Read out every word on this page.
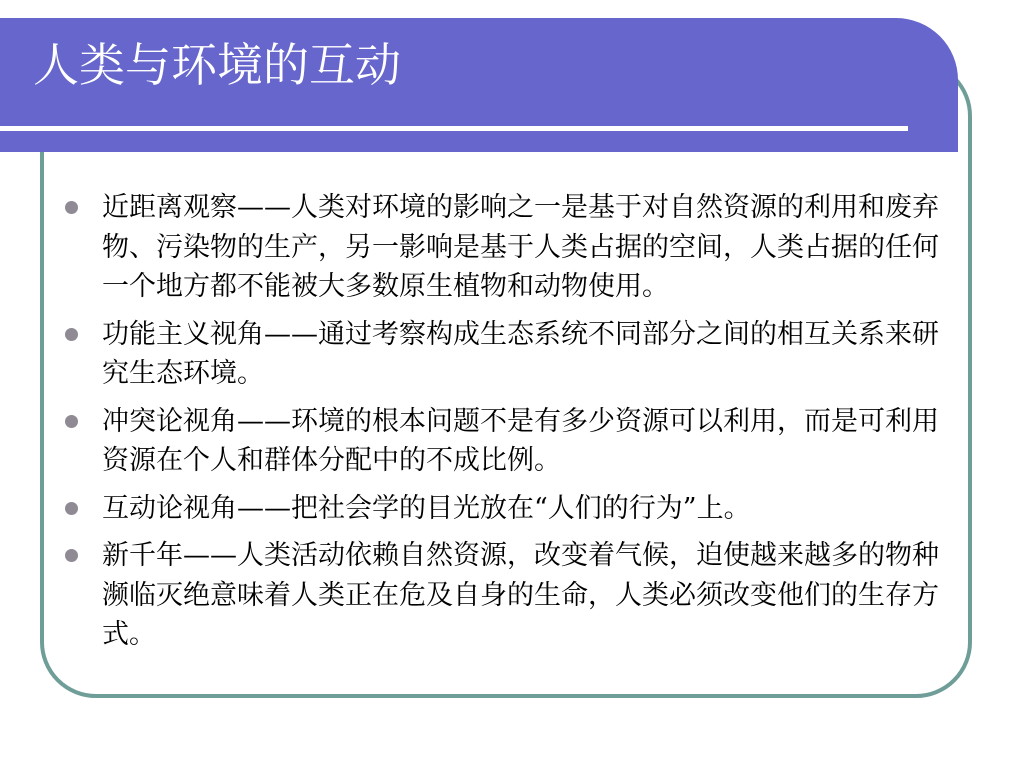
人类与环境的互动
近距离观察——人类对环境的影响之一是基于对自然资源的利用和废弃物、污染物的生产，另一影响是基于人类占据的空间，人类占据的任何一个地方都不能被大多数原生植物和动物使用。
功能主义视角——通过考察构成生态系统不同部分之间的相互关系来研究生态环境。
冲突论视角——环境的根本问题不是有多少资源可以利用，而是可利用资源在个人和群体分配中的不成比例。
互动论视角——把社会学的目光放在“人们的行为”上。
新千年——人类活动依赖自然资源，改变着气候，迫使越来越多的物种濒临灭绝意味着人类正在危及自身的生命，人类必须改变他们的生存方式。
